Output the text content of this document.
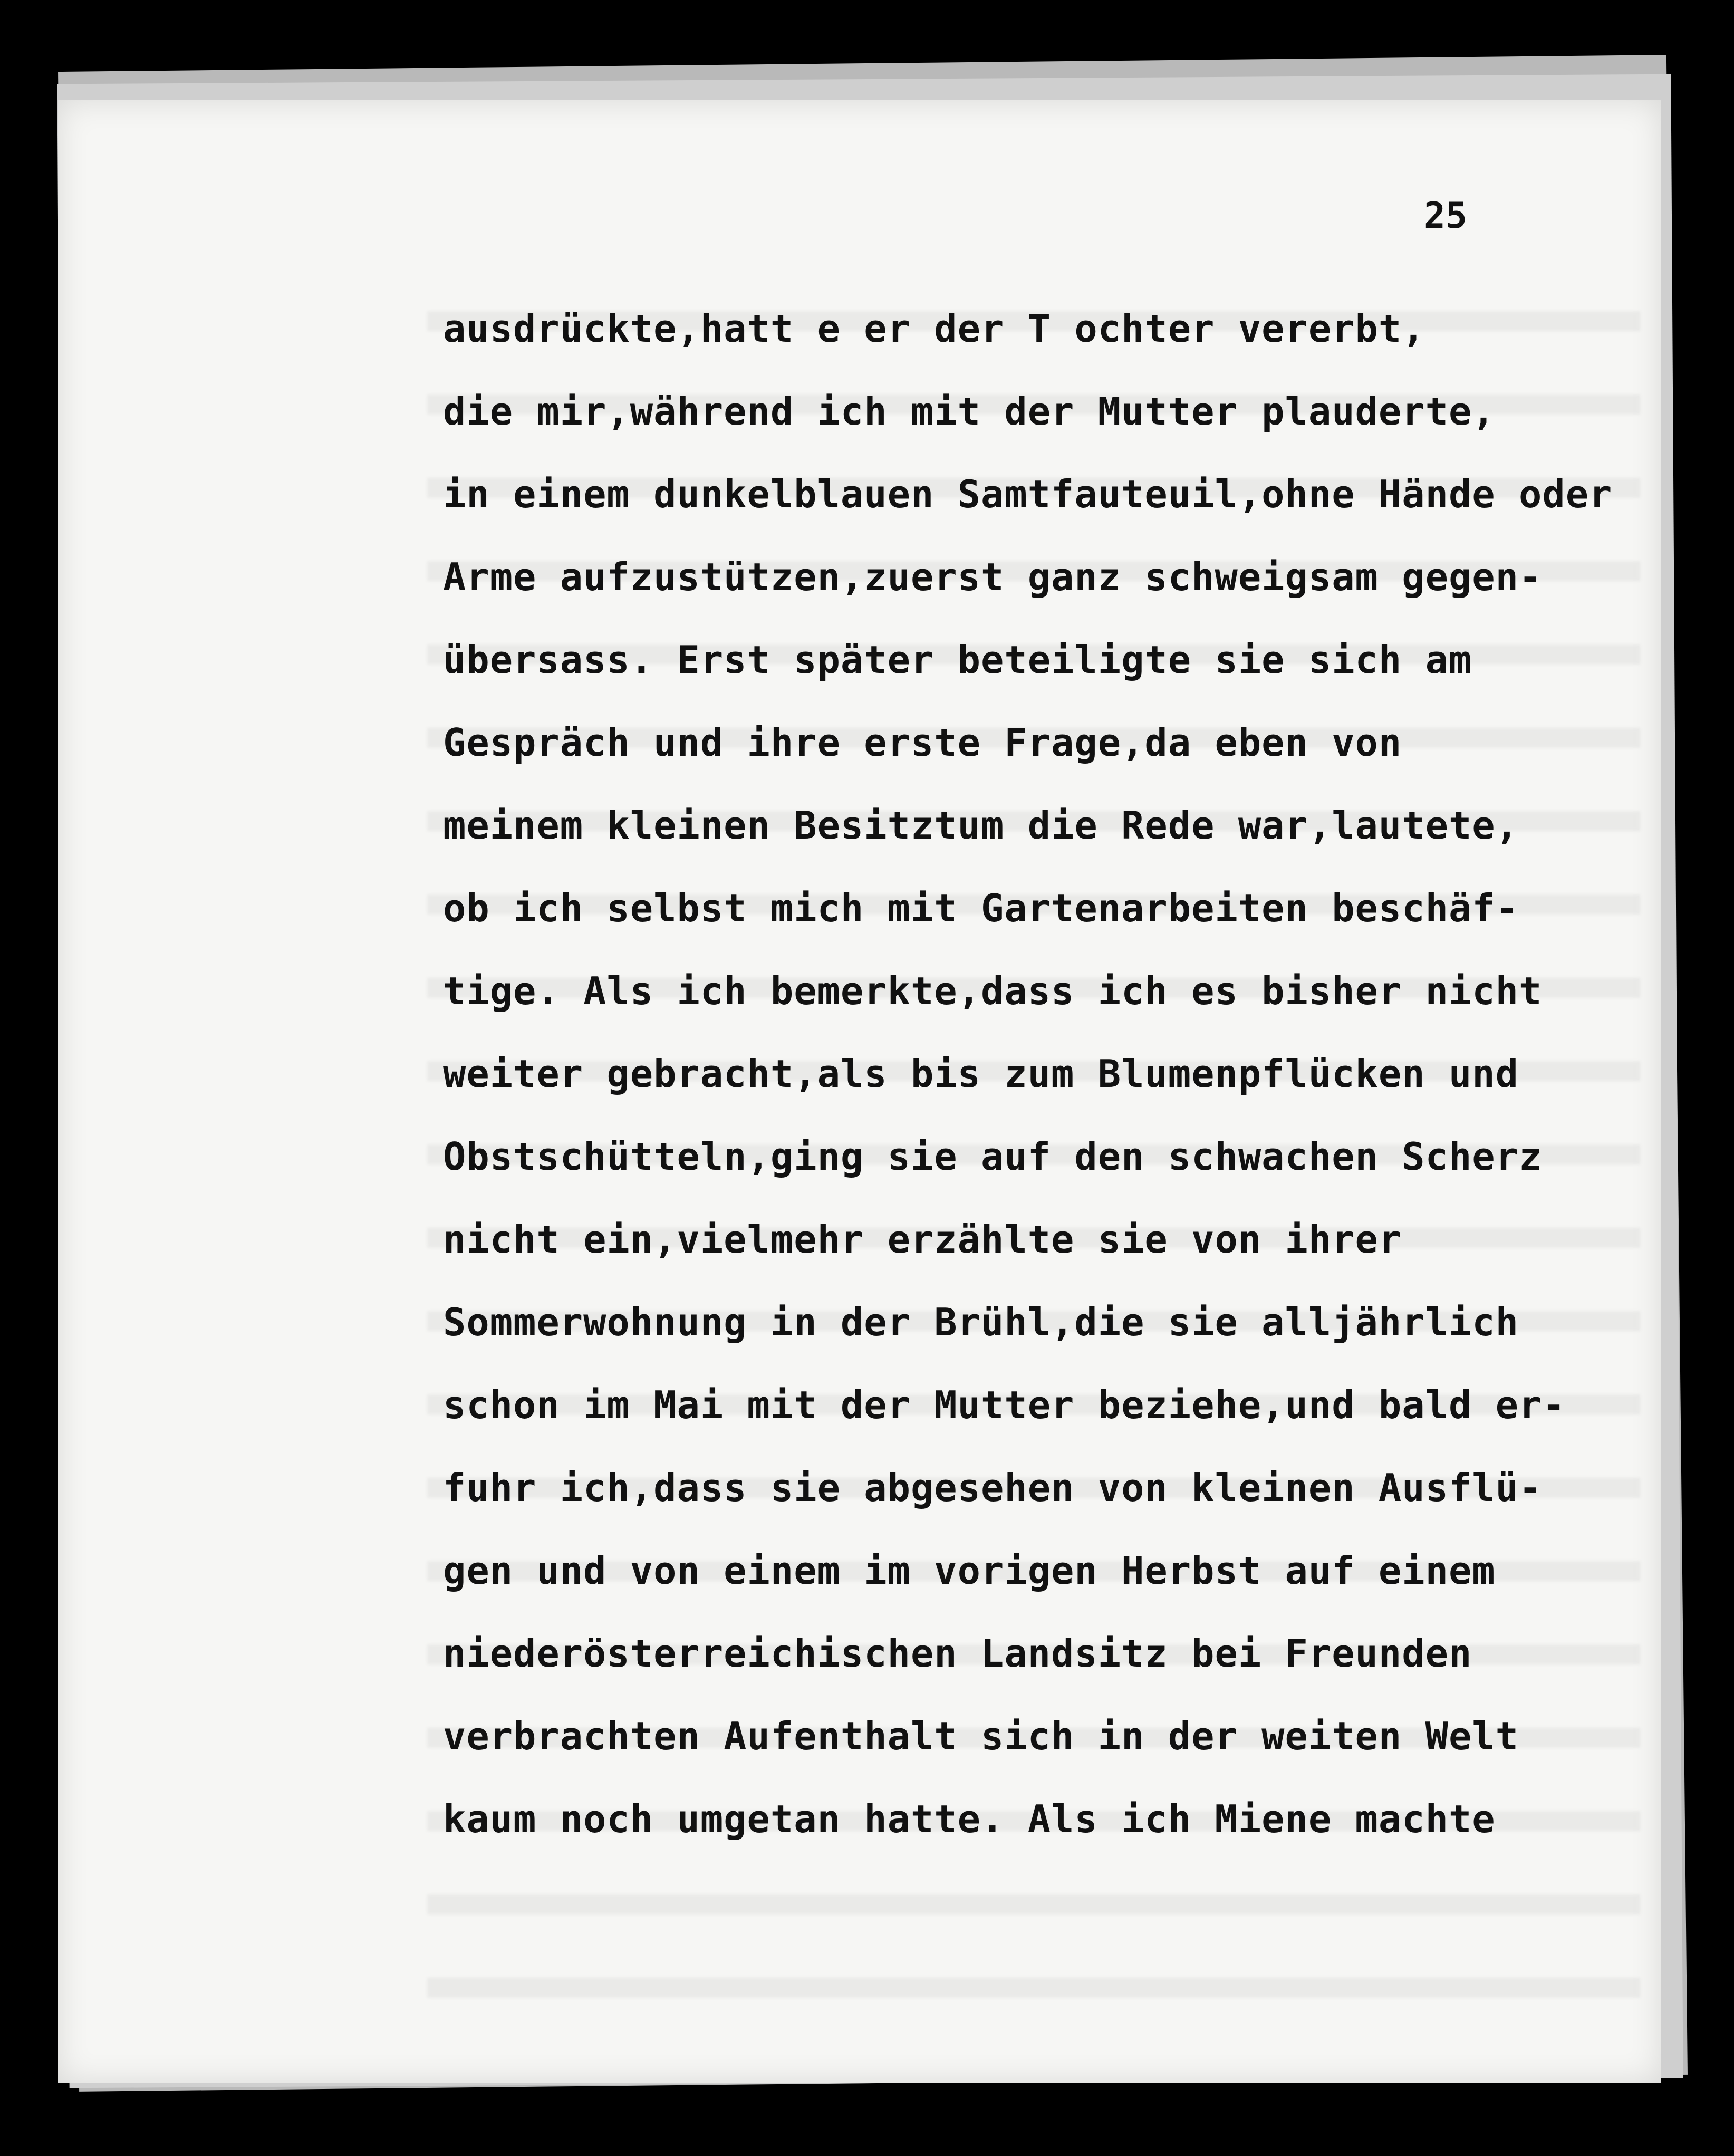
25
ausdrückte,hatt e er der T ochter vererbt,
die mir,während ich mit der Mutter plauderte,
in einem dunkelblauen Samtfauteuil,ohne Hände oder
Arme aufzustützen,zuerst ganz schweigsam gegen-
übersass. Erst später beteiligte sie sich am
Gespräch und ihre erste Frage,da eben von
meinem kleinen Besitztum die Rede war,lautete,
ob ich selbst mich mit Gartenarbeiten beschäf-
tige. Als ich bemerkte,dass ich es bisher nicht
weiter gebracht,als bis zum Blumenpflücken und
Obstschütteln,ging sie auf den schwachen Scherz
nicht ein,vielmehr erzählte sie von ihrer
Sommerwohnung in der Brühl,die sie alljährlich
schon im Mai mit der Mutter beziehe,und bald er-
fuhr ich,dass sie abgesehen von kleinen Ausflü-
gen und von einem im vorigen Herbst auf einem
niederösterreichischen Landsitz bei Freunden
verbrachten Aufenthalt sich in der weiten Welt
kaum noch umgetan hatte. Als ich Miene machte
